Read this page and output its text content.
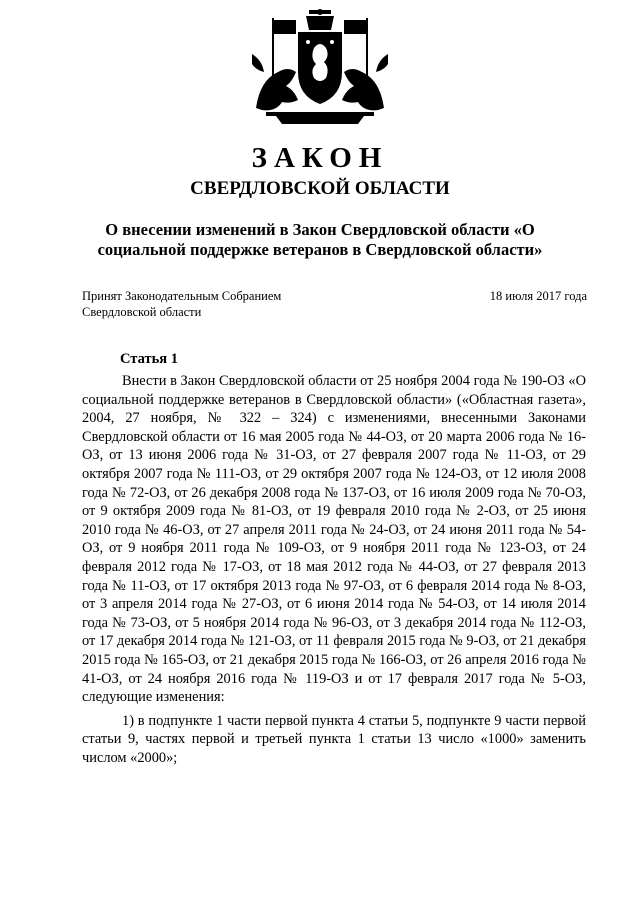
ЗАКОН
СВЕРДЛОВСКОЙ ОБЛАСТИ
О внесении изменений в Закон Свердловской области «О социальной поддержке ветеранов в Свердловской области»
Принят Законодательным Собранием
Свердловской области
18 июля 2017 года
Статья 1

Внести в Закон Свердловской области от 25 ноября 2004 года № 190-ОЗ «О социальной поддержке ветеранов в Свердловской области» («Областная газета», 2004, 27 ноября, № 322 – 324) с изменениями, внесенными Законами Свердловской области от 16 мая 2005 года № 44-ОЗ, от 20 марта 2006 года № 16-ОЗ, от 13 июня 2006 года № 31-ОЗ, от 27 февраля 2007 года № 11-ОЗ, от 29 октября 2007 года № 111-ОЗ, от 29 октября 2007 года № 124-ОЗ, от 12 июля 2008 года № 72-ОЗ, от 26 декабря 2008 года № 137-ОЗ, от 16 июля 2009 года № 70-ОЗ, от 9 октября 2009 года № 81-ОЗ, от 19 февраля 2010 года № 2-ОЗ, от 25 июня 2010 года № 46-ОЗ, от 27 апреля 2011 года № 24-ОЗ, от 24 июня 2011 года № 54-ОЗ, от 9 ноября 2011 года № 109-ОЗ, от 9 ноября 2011 года № 123-ОЗ, от 24 февраля 2012 года № 17-ОЗ, от 18 мая 2012 года № 44-ОЗ, от 27 февраля 2013 года № 11-ОЗ, от 17 октября 2013 года № 97-ОЗ, от 6 февраля 2014 года № 8-ОЗ, от 3 апреля 2014 года № 27-ОЗ, от 6 июня 2014 года № 54-ОЗ, от 14 июля 2014 года № 73-ОЗ, от 5 ноября 2014 года № 96-ОЗ, от 3 декабря 2014 года № 112-ОЗ, от 17 декабря 2014 года № 121-ОЗ, от 11 февраля 2015 года № 9-ОЗ, от 21 декабря 2015 года № 165-ОЗ, от 21 декабря 2015 года № 166-ОЗ, от 26 апреля 2016 года № 41-ОЗ, от 24 ноября 2016 года № 119-ОЗ и от 17 февраля 2017 года № 5-ОЗ, следующие изменения:

1) в подпункте 1 части первой пункта 4 статьи 5, подпункте 9 части первой статьи 9, частях первой и третьей пункта 1 статьи 13 число «1000» заменить числом «2000»;
